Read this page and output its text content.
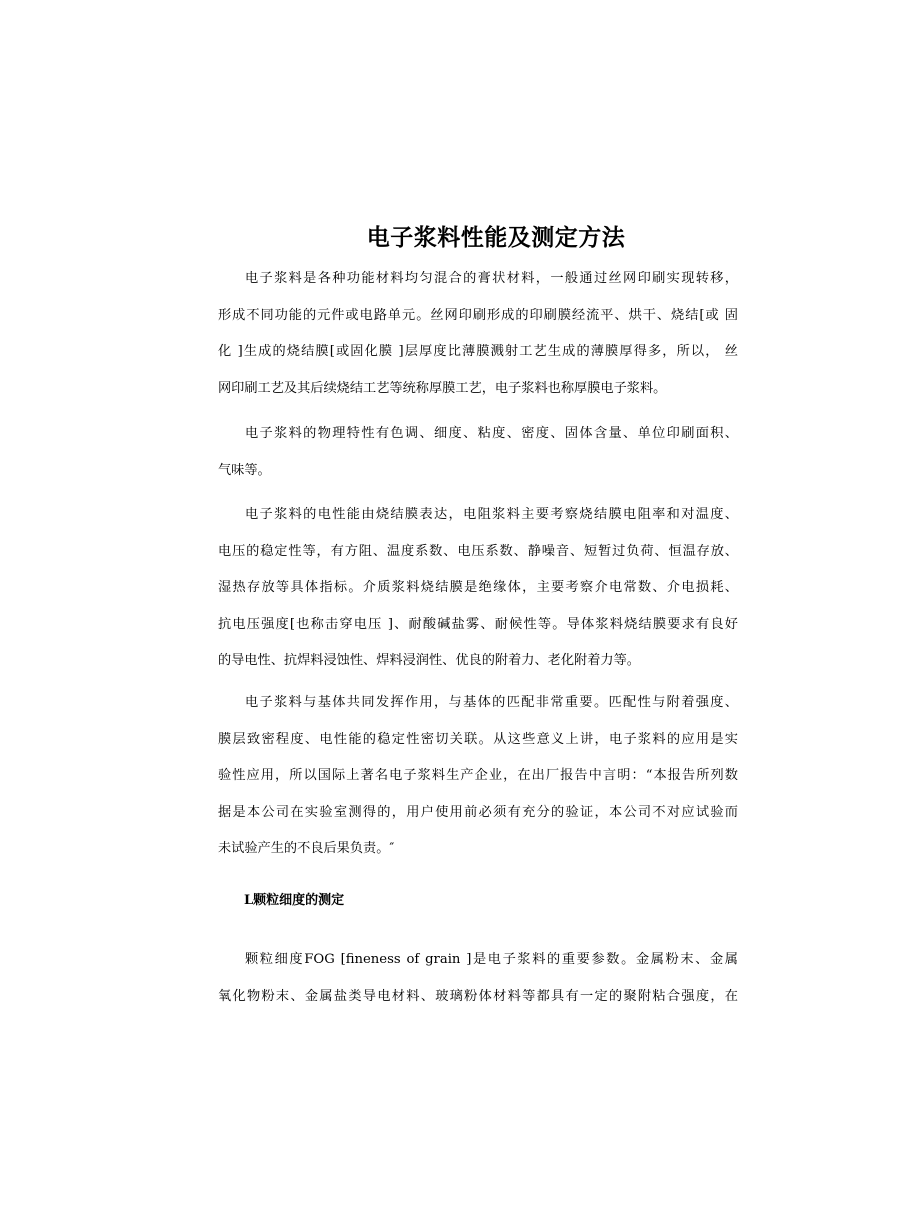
电子浆料性能及测定方法
电子浆料是各种功能材料均匀混合的膏状材料，一般通过丝网印刷实现转移，
形成不同功能的元件或电路单元。丝网印刷形成的印刷膜经流平、烘干、烧结[或 固
化 ]生成的烧结膜[或固化膜 ]层厚度比薄膜溅射工艺生成的薄膜厚得多，所以， 丝
网印刷工艺及其后续烧结工艺等统称厚膜工艺，电子浆料也称厚膜电子浆料。
电子浆料的物理特性有色调、细度、粘度、密度、固体含量、单位印刷面积、
气味等。
电子浆料的电性能由烧结膜表达，电阻浆料主要考察烧结膜电阻率和对温度、
电压的稳定性等，有方阻、温度系数、电压系数、静噪音、短暂过负荷、恒温存放、
湿热存放等具体指标。介质浆料烧结膜是绝缘体，主要考察介电常数、介电损耗、
抗电压强度[也称击穿电压 ]、耐酸碱盐雾、耐候性等。导体浆料烧结膜要求有良好
的导电性、抗焊料浸蚀性、焊料浸润性、优良的附着力、老化附着力等。
电子浆料与基体共同发挥作用，与基体的匹配非常重要。匹配性与附着强度、
膜层致密程度、电性能的稳定性密切关联。从这些意义上讲，电子浆料的应用是实
验性应用，所以国际上著名电子浆料生产企业，在出厂报告中言明：“本报告所列数
据是本公司在实验室测得的，用户使用前必须有充分的验证，本公司不对应试验而
未试验产生的不良后果负责。″
L颗粒细度的测定
颗粒细度FOG [fineness of grain ]是电子浆料的重要参数。金属粉末、金属
氧化物粉末、金属盐类导电材料、玻璃粉体材料等都具有一定的聚附粘合强度，在
